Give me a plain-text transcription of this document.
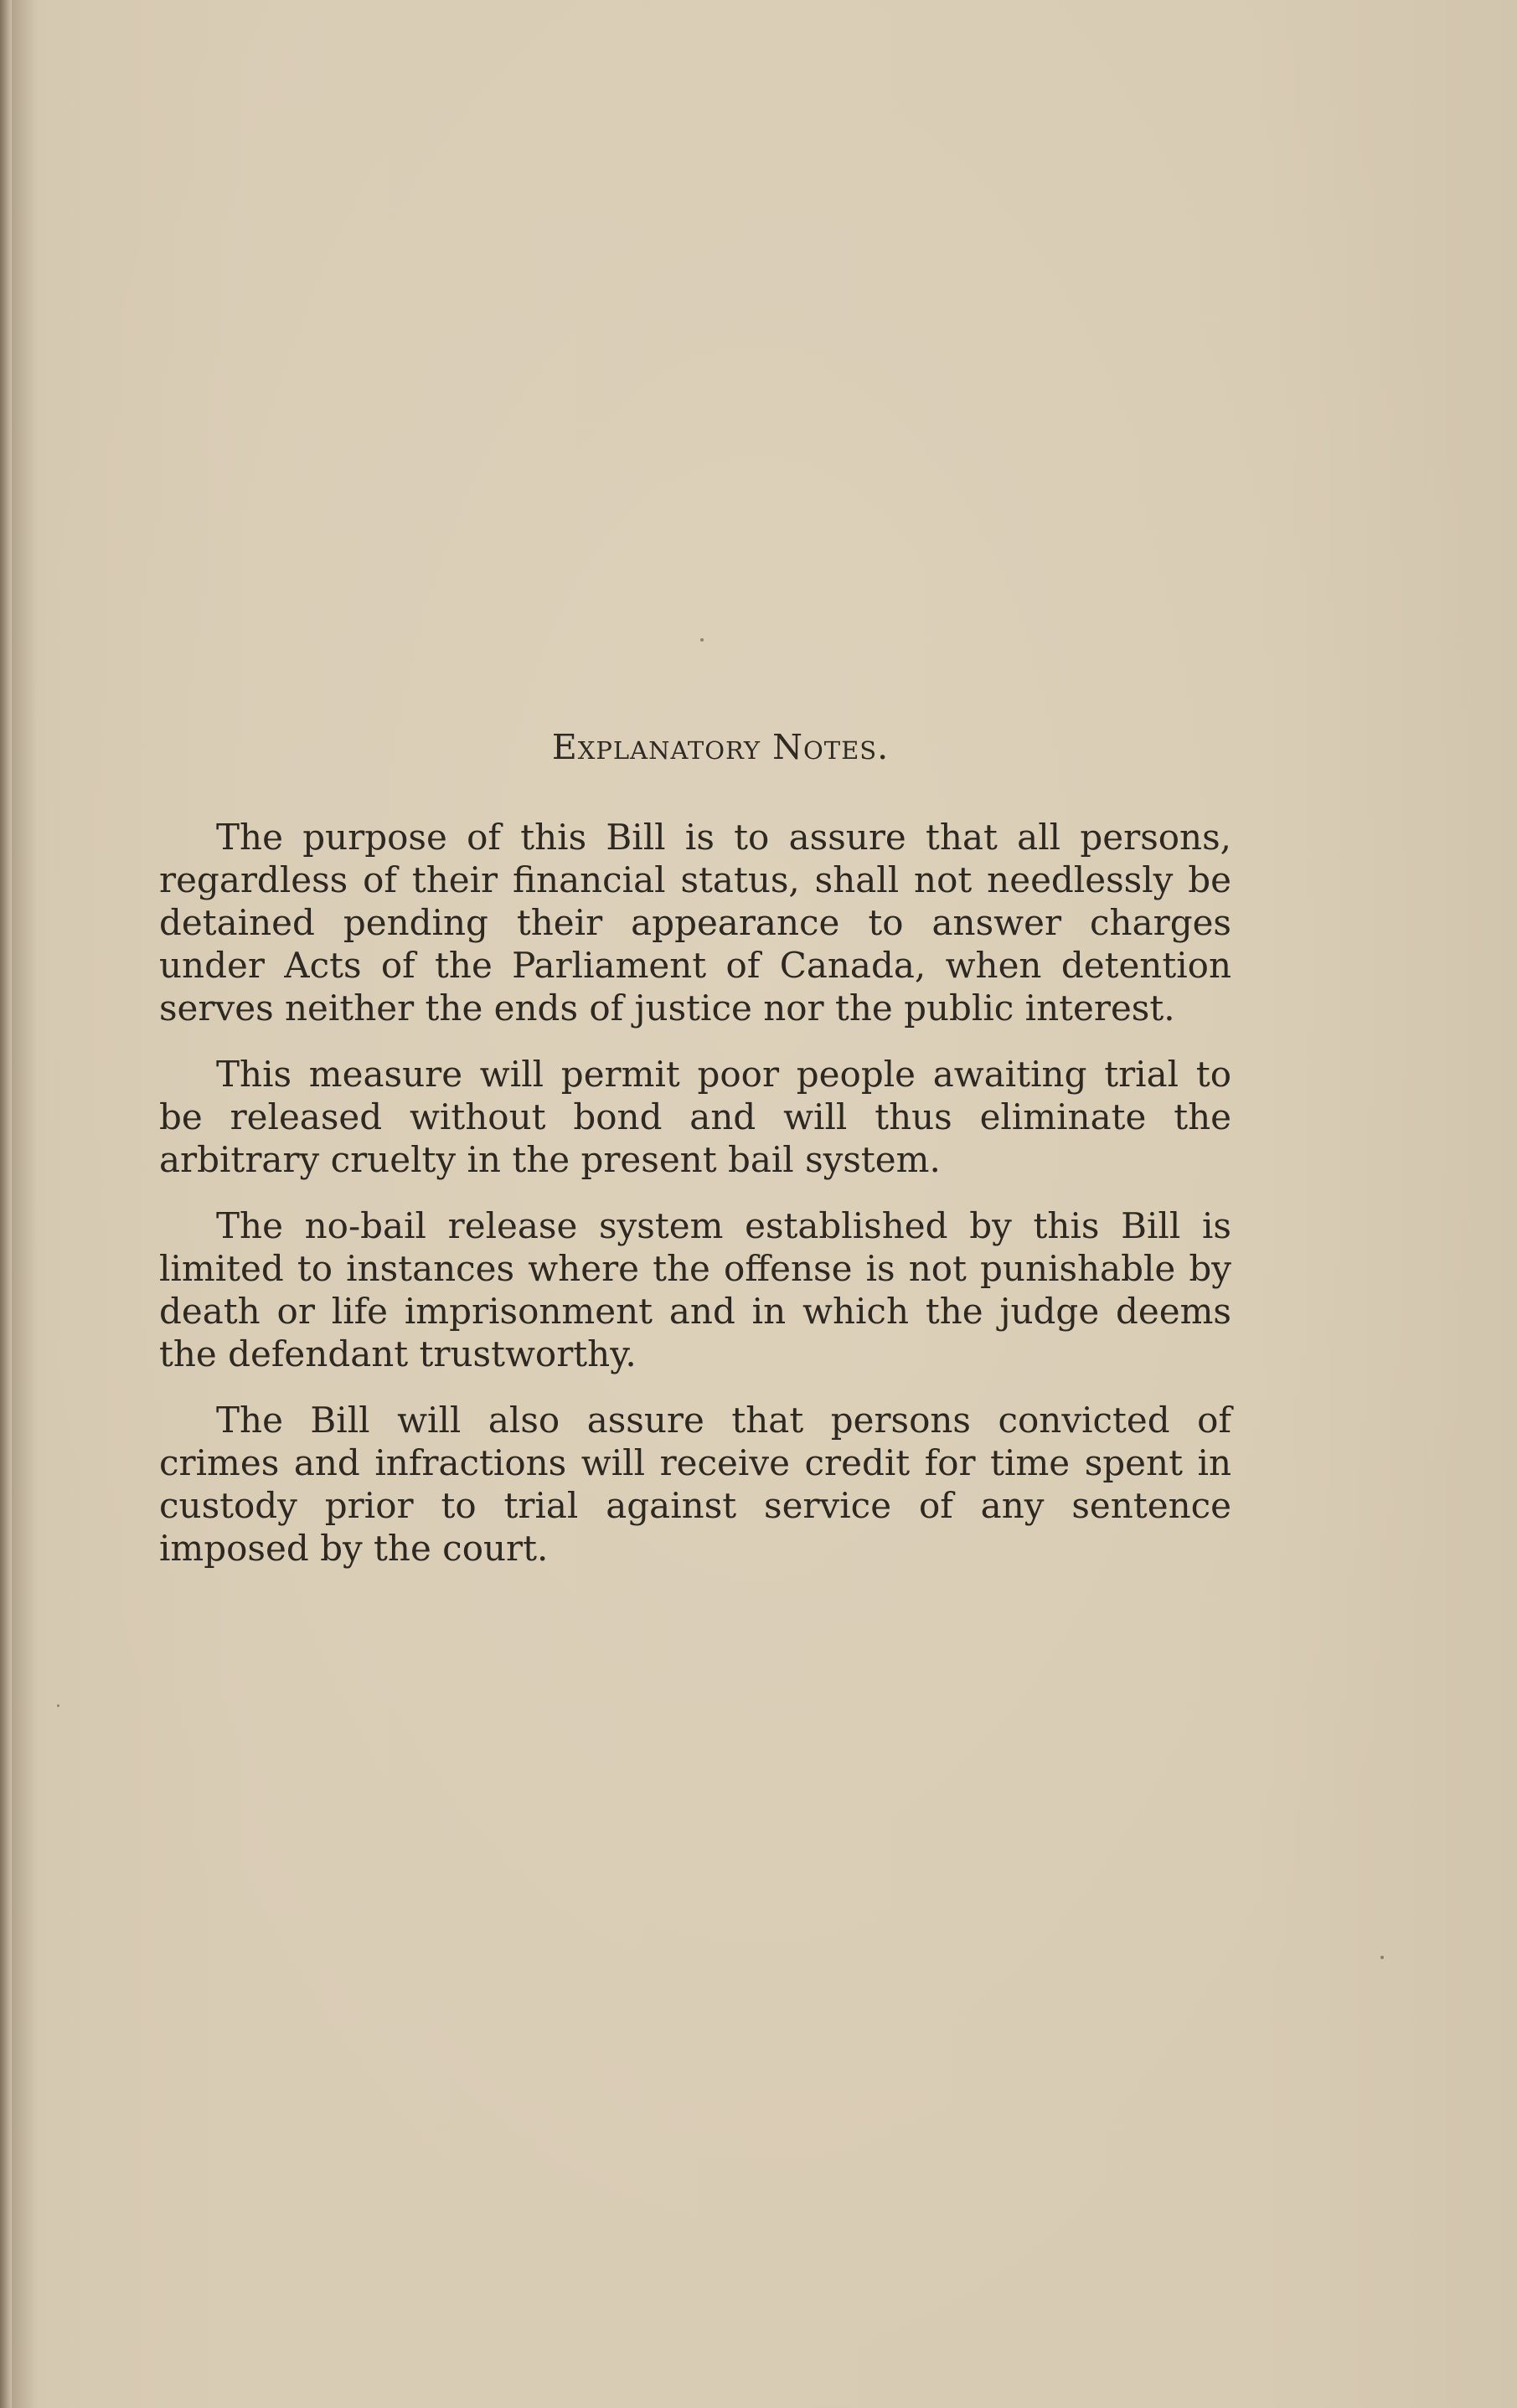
Explanatory Notes.

The purpose of this Bill is to assure that all persons, regardless of their financial status, shall not needlessly be detained pending their appearance to answer charges under Acts of the Parliament of Canada, when detention serves neither the ends of justice nor the public interest.

This measure will permit poor people awaiting trial to be released without bond and will thus eliminate the arbitrary cruelty in the present bail system.

The no-bail release system established by this Bill is limited to instances where the offense is not punishable by death or life imprisonment and in which the judge deems the defendant trustworthy.

The Bill will also assure that persons convicted of crimes and infractions will receive credit for time spent in custody prior to trial against service of any sentence imposed by the court.
